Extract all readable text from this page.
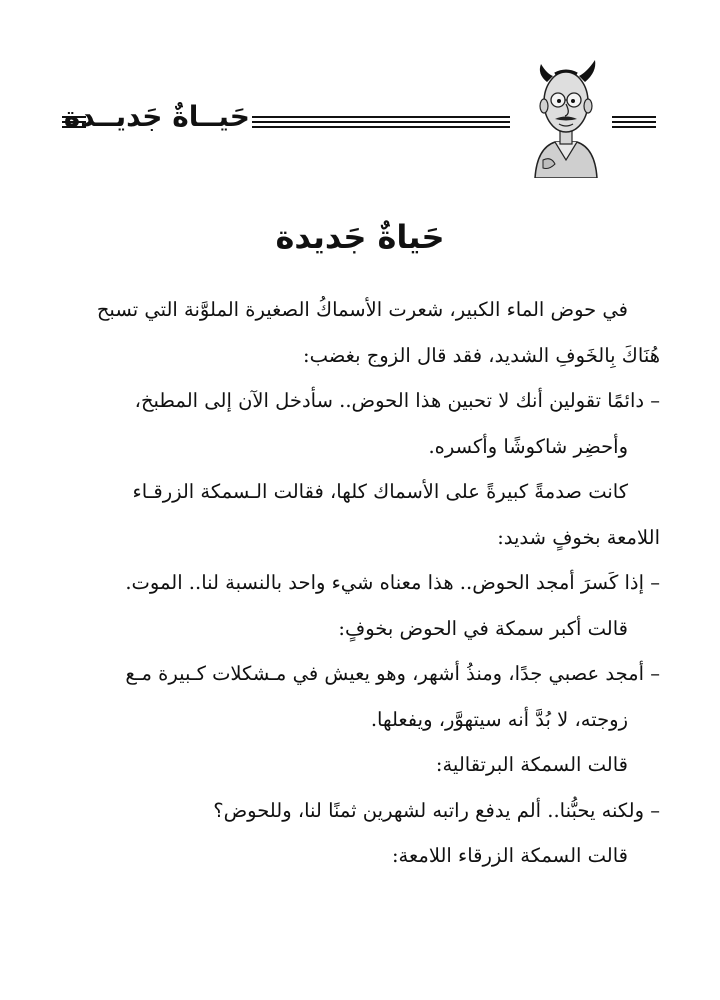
حَيــاةٌ جَديــدة
حَياةٌ جَديدة
في حوض الماء الكبير، شعرت الأسماكُ الصغيرة الملوَّنة التي تسبح
هُنَاكَ بِالخَوفِ الشديد، فقد قال الزوج بغضب:
– دائمًا تقولين أنك لا تحبين هذا الحوض.. سأدخل الآن إلى المطبخ،
وأحضِر شاكوشًا وأكسره.
كانت صدمةً كبيرةً على الأسماك كلها، فقالت الـسمكة الزرقـاء
اللامعة بخوفٍ شديد:
– إذا كَسرَ أمجد الحوض.. هذا معناه شيء واحد بالنسبة لنا.. الموت.
قالت أكبر سمكة في الحوض بخوفٍ:
– أمجد عصبي جدًا، ومنذُ أشهر، وهو يعيش في مـشكلات كـبيرة مـع
زوجته، لا بُدَّ أنه سيتهوَّر، ويفعلها.
قالت السمكة البرتقالية:
– ولكنه يحبُّنا.. ألم يدفع راتبه لشهرين ثمنًا لنا، وللحوض؟
قالت السمكة الزرقاء اللامعة:
